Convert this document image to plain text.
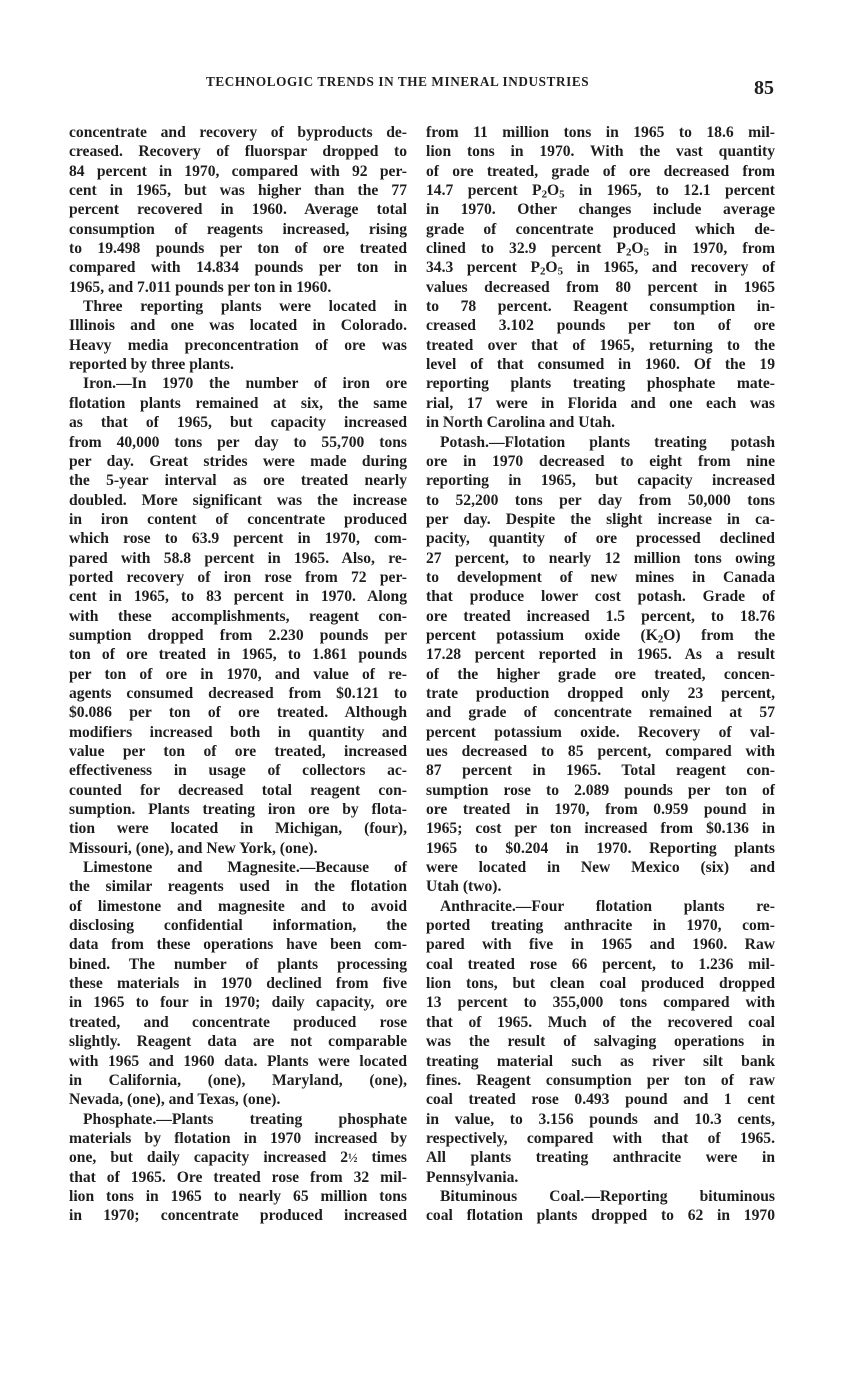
TECHNOLOGIC TRENDS IN THE MINERAL INDUSTRIES	85
concentrate and recovery of byproducts de-
creased. Recovery of fluorspar dropped to
84 percent in 1970, compared with 92 per-
cent in 1965, but was higher than the 77
percent recovered in 1960. Average total
consumption of reagents increased, rising
to 19.498 pounds per ton of ore treated
compared with 14.834 pounds per ton in
1965, and 7.011 pounds per ton in 1960.
Three reporting plants were located in
Illinois and one was located in Colorado.
Heavy media preconcentration of ore was
reported by three plants.
Iron.—In 1970 the number of iron ore
flotation plants remained at six, the same
as that of 1965, but capacity increased
from 40,000 tons per day to 55,700 tons
per day. Great strides were made during
the 5-year interval as ore treated nearly
doubled. More significant was the increase
in iron content of concentrate produced
which rose to 63.9 percent in 1970, com-
pared with 58.8 percent in 1965. Also, re-
ported recovery of iron rose from 72 per-
cent in 1965, to 83 percent in 1970. Along
with these accomplishments, reagent con-
sumption dropped from 2.230 pounds per
ton of ore treated in 1965, to 1.861 pounds
per ton of ore in 1970, and value of re-
agents consumed decreased from $0.121 to
$0.086 per ton of ore treated. Although
modifiers increased both in quantity and
value per ton of ore treated, increased
effectiveness in usage of collectors ac-
counted for decreased total reagent con-
sumption. Plants treating iron ore by flota-
tion were located in Michigan, (four),
Missouri, (one), and New York, (one).
Limestone and Magnesite.—Because of
the similar reagents used in the flotation
of limestone and magnesite and to avoid
disclosing confidential information, the
data from these operations have been com-
bined. The number of plants processing
these materials in 1970 declined from five
in 1965 to four in 1970; daily capacity, ore
treated, and concentrate produced rose
slightly. Reagent data are not comparable
with 1965 and 1960 data. Plants were located
in California, (one), Maryland, (one),
Nevada, (one), and Texas, (one).
Phosphate.—Plants treating phosphate
materials by flotation in 1970 increased by
one, but daily capacity increased 2½ times
that of 1965. Ore treated rose from 32 mil-
lion tons in 1965 to nearly 65 million tons
in 1970; concentrate produced increased
from 11 million tons in 1965 to 18.6 mil-
lion tons in 1970. With the vast quantity
of ore treated, grade of ore decreased from
14.7 percent $P_2O_5$ in 1965, to 12.1 percent
in 1970. Other changes include average
grade of concentrate produced which de-
clined to 32.9 percent $P_2O_5$ in 1970, from
34.3 percent $P_2O_5$ in 1965, and recovery of
values decreased from 80 percent in 1965
to 78 percent. Reagent consumption in-
creased 3.102 pounds per ton of ore
treated over that of 1965, returning to the
level of that consumed in 1960. Of the 19
reporting plants treating phosphate mate-
rial, 17 were in Florida and one each was
in North Carolina and Utah.
Potash.—Flotation plants treating potash
ore in 1970 decreased to eight from nine
reporting in 1965, but capacity increased
to 52,200 tons per day from 50,000 tons
per day. Despite the slight increase in ca-
pacity, quantity of ore processed declined
27 percent, to nearly 12 million tons owing
to development of new mines in Canada
that produce lower cost potash. Grade of
ore treated increased 1.5 percent, to 18.76
percent potassium oxide $(K_2O)$ from the
17.28 percent reported in 1965. As a result
of the higher grade ore treated, concen-
trate production dropped only 23 percent,
and grade of concentrate remained at 57
percent potassium oxide. Recovery of val-
ues decreased to 85 percent, compared with
87 percent in 1965. Total reagent con-
sumption rose to 2.089 pounds per ton of
ore treated in 1970, from 0.959 pound in
1965; cost per ton increased from $0.136 in
1965 to $0.204 in 1970. Reporting plants
were located in New Mexico (six) and
Utah (two).
Anthracite.—Four flotation plants re-
ported treating anthracite in 1970, com-
pared with five in 1965 and 1960. Raw
coal treated rose 66 percent, to 1.236 mil-
lion tons, but clean coal produced dropped
13 percent to 355,000 tons compared with
that of 1965. Much of the recovered coal
was the result of salvaging operations in
treating material such as river silt bank
fines. Reagent consumption per ton of raw
coal treated rose 0.493 pound and 1 cent
in value, to 3.156 pounds and 10.3 cents,
respectively, compared with that of 1965.
All plants treating anthracite were in
Pennsylvania.
Bituminous Coal.—Reporting bituminous
coal flotation plants dropped to 62 in 1970
